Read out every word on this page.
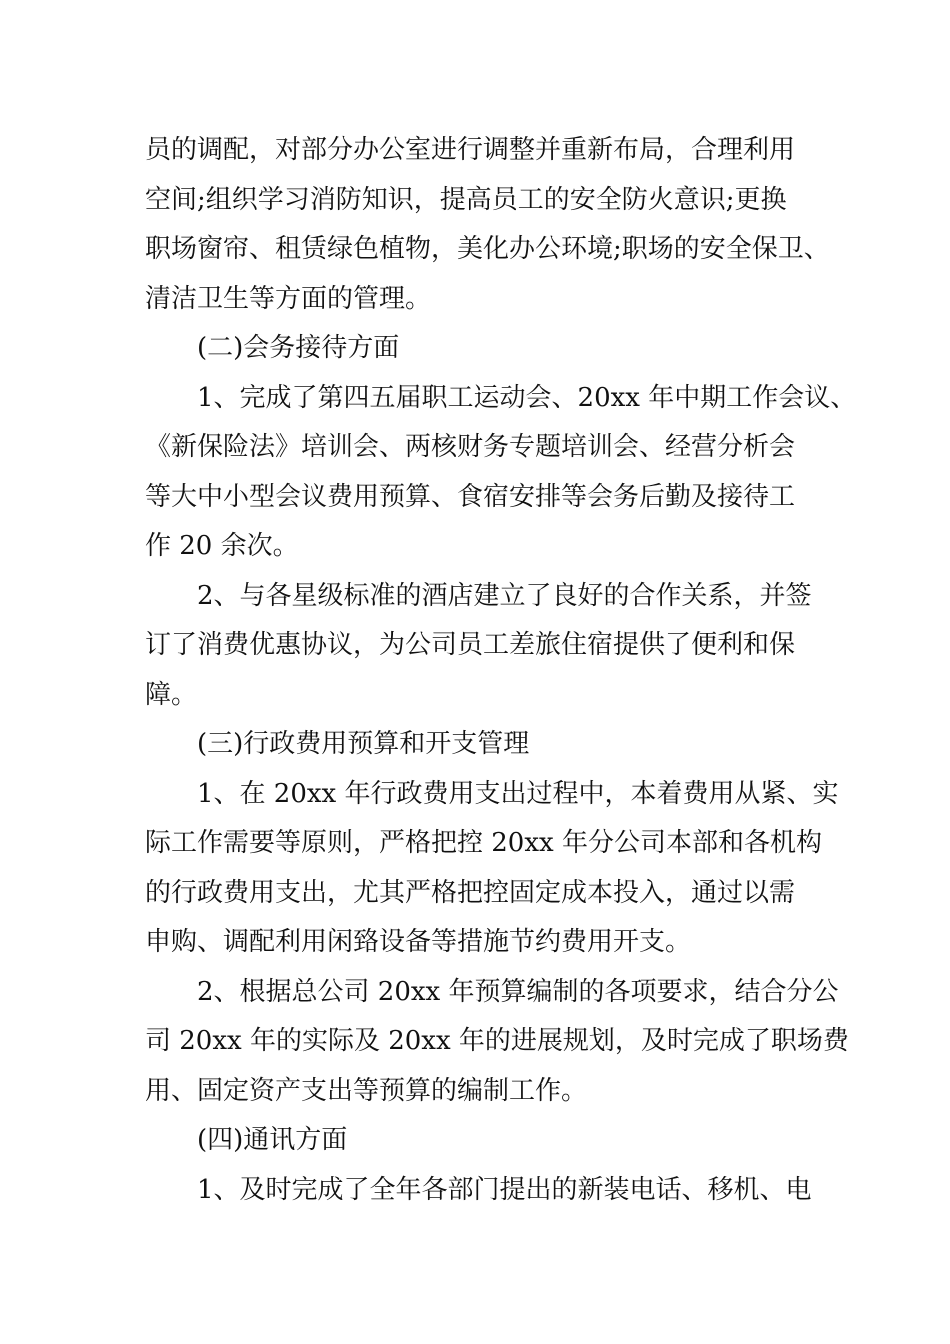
员的调配，对部分办公室进行调整并重新布局，合理利用
空间;组织学习消防知识，提高员工的安全防火意识;更换
职场窗帘、租赁绿色植物，美化办公环境;职场的安全保卫、
清洁卫生等方面的管理。

(二)会务接待方面

1、完成了第四五届职工运动会、20xx 年中期工作会议、
《新保险法》培训会、两核财务专题培训会、经营分析会
等大中小型会议费用预算、食宿安排等会务后勤及接待工
作 20 余次。

2、与各星级标准的酒店建立了良好的合作关系，并签
订了消费优惠协议，为公司员工差旅住宿提供了便利和保
障。

(三)行政费用预算和开支管理

1、在 20xx 年行政费用支出过程中，本着费用从紧、实
际工作需要等原则，严格把控 20xx 年分公司本部和各机构
的行政费用支出，尤其严格把控固定成本投入，通过以需
申购、调配利用闲臵设备等措施节约费用开支。

2、根据总公司 20xx 年预算编制的各项要求，结合分公
司 20xx 年的实际及 20xx 年的进展规划，及时完成了职场费
用、固定资产支出等预算的编制工作。

(四)通讯方面

1、及时完成了全年各部门提出的新装电话、移机、电
